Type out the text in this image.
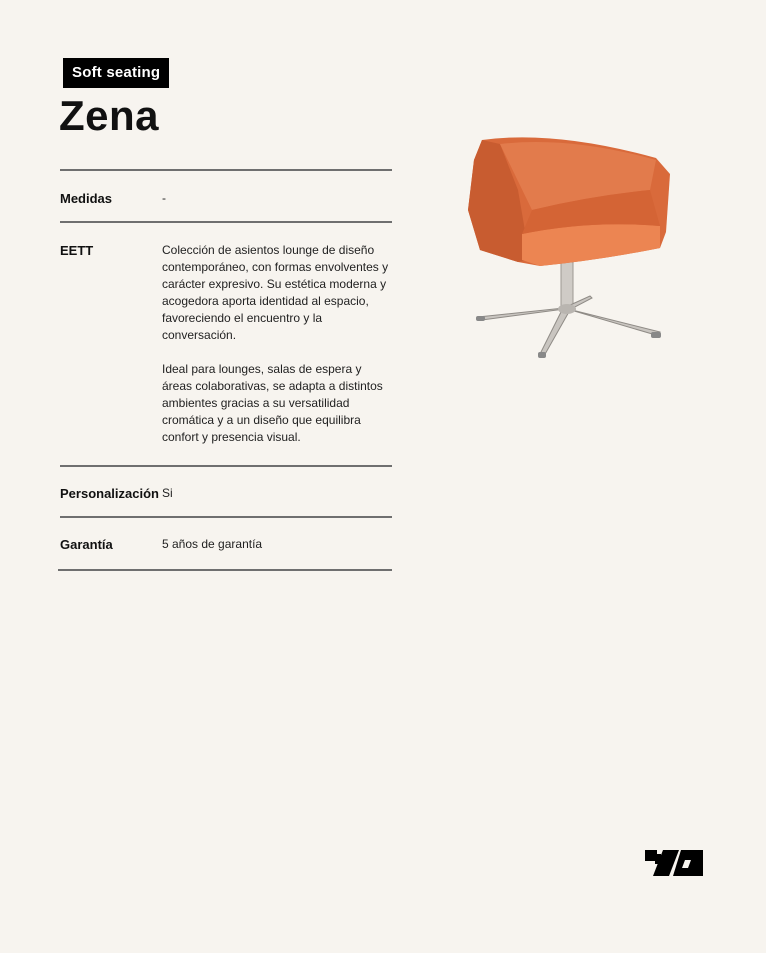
Soft seating
Zena
Medidas	-
EETT	Colección de asientos lounge de diseño contemporáneo, con formas envolventes y carácter expresivo. Su estética moderna y acogedora aporta identidad al espacio, favoreciendo el encuentro y la conversación.

Ideal para lounges, salas de espera y áreas colaborativas, se adapta a distintos ambientes gracias a su versatilidad cromática y a un diseño que equilibra confort y presencia visual.

Personalización Si
Garantía	5 años de garantía
